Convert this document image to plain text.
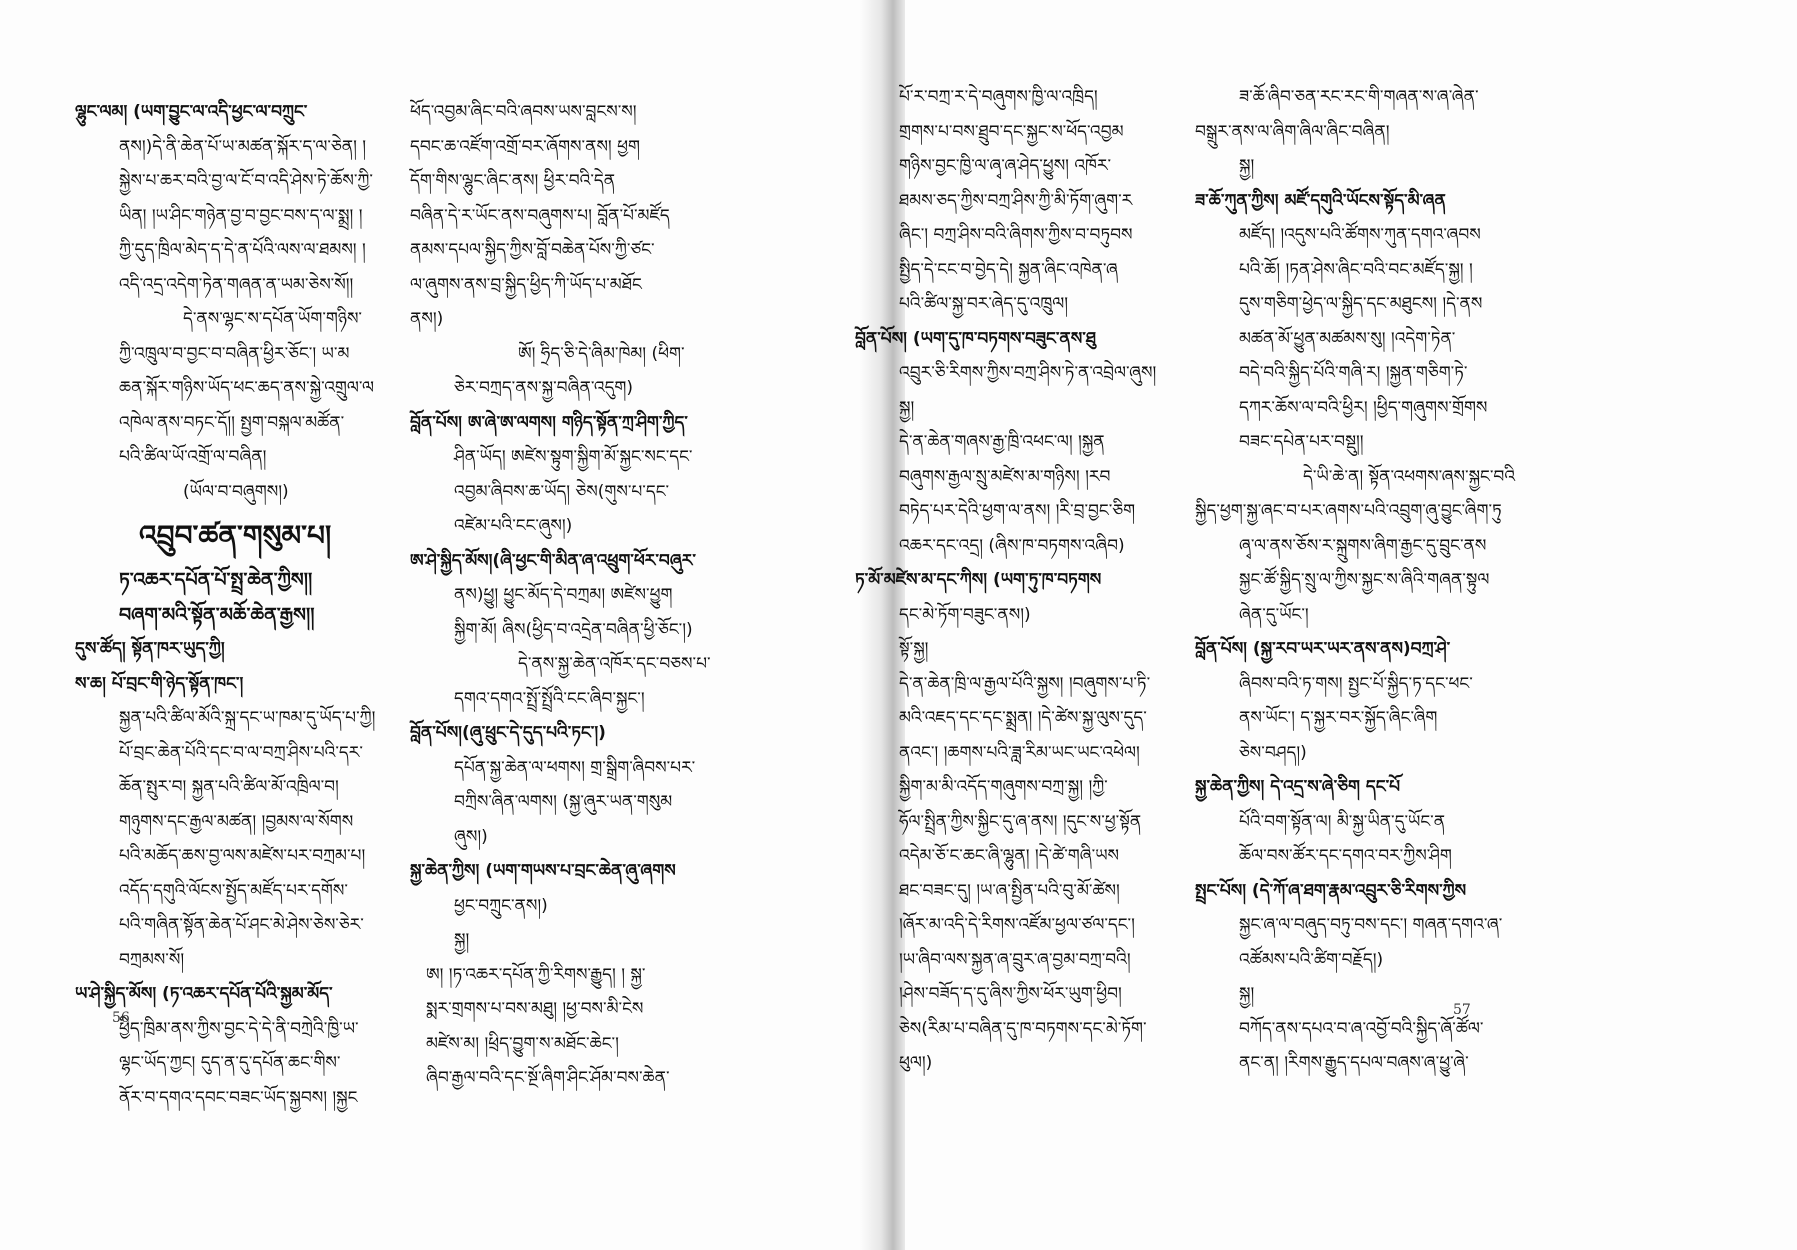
ལྷུང་ལམ། (ཡག་བྱུང་ལ་འདི་ཕྱང་ལ་བཀྲུང་
ནས།)དེ་ནི་ཆེན་པོ་ཡ་མཚན་སྐོར་ད་ལ་ཅེན། །
སྐྱེས་པ་ཆར་བའི་བྱ་ལ་ངོ་བ་འདི་ཤེས་ཏེ་ཆོས་ཀྱི་
ཡིན། །ཡ་ཤིང་གཉེན་བྱ་བ་བྱང་བས་ད་ལ་སྨྲ། །
ཀྱི་དུད་ཁྲིལ་མེད་ད་དེ་ན་པོའི་ལས་ལ་ཐམས། །
འདི་འདྲ་འདེག་ཏེན་གཞན་ན་ཡམ་ཅེས་སོ།།
དེ་ནས་ལྷང་ས་དཔོན་ཡོག་གཉིས་
ཀྱི་འཁྲུལ་བ་བྱང་བ་བཞིན་ཕྱིར་ཅོང་། ཡ་མ
ཆན་སྐོར་གཉིས་ཡོད་ཕང་ཆད་ནས་སྐྱེ་འགྲུལ་ལ
འཁེལ་ནས་བཏང་དོ།། སྤྱག་བསྐལ་མཚོན་
པའི་ཚིལ་ཡོ་འགྲོ་ལ་བཞིན།
(ཡོལ་བ་བཞུགས།)
འབྲུབ་ཚན་གསུམ་པ།
ཏ་འཆར་དཔོན་པོ་སྤྲ་ཆེན་ཀྱིས།།
བཞག་མའི་སྟོན་མཆོ་ཆེན་རྒྱས།།
དུས་ཚོད། སྟོན་ཁར་ཡུད་ཀྱི།
ས་ཆ། པོ་བྲང་གི་ཉེད་སྟོན་ཁང་།
སྐྱན་པའི་ཚིལ་མོའི་སྐྲ་དང་ཡ་ཁམ་དུ་ཡོད་པ་ཀྱི།
པོ་བྲང་ཆེན་པོའི་དང་བ་ལ་བཀྲ་ཤིས་པའི་དར་
ཆོན་སྤུར་བ། སྐྱན་པའི་ཚིལ་མོ་འཁྲིལ་བ།
གཉུགས་དང་རྒྱལ་མཚན། །བྱམས་ལ་སོགས
པའི་མཆོད་ཆས་བྱ་ལས་མཛེས་པར་བཀྲམ་པ།
འདོད་དགུའི་ལོངས་སྤྱོད་མཛོད་པར་དགོས་
པའི་གཞིན་སྟོན་ཆེན་པོ་ཤང་མེ་ཤེས་ཅེས་ཅེར་
བཀྲམས་སོ།
ཡ་ཤེ་སྐྱིད་མོས། (ཏ་འཆར་དཔོན་པོའི་སྐྱམ་མོད་
ཕྱིད་ཁྲིམ་ནས་ཀྱིས་བྱང་དེ་དེ་ནི་བཀྲེའི་ཁྱི་ཡ་
ལྷང་ཡོད་ཀྱང། དུད་ན་དུ་དཔོན་ཆང་གིས་
ནོར་བ་དགའ་དབང་བཟང་ཡོད་སྐྱབས། །སྐྱང
ཕོད་འབྱམ་ཞིང་བའི་ཞབས་ཡས་བླངས་ས།
དབང་ཆ་འཛོག་འགྲོ་བར་ཞོགས་ནས། ཕྱག
དོག་གིས་ལྷུང་ཞིང་ནས། ཕྱིར་བའི་དེན
བཞིན་དེ་ར་ཡོང་ནས་བཞུགས་པ། བློན་པོ་མཛོད
ནམས་དཔལ་སྐྱིད་ཀྱིས་བློ་བཆེན་པོས་ཀྱི་ཙང་
ལ་ཞུགས་ནས་བྲ་སྐྱིད་ཕྱིད་ཀི་ཡོད་པ་མཐོང
ནས།)
ཨོ། ཧྲིད་ཅི་དེ་ཞིམ་ཁེམ། (ཕིག་
ཅེར་བཀྲད་ནས་སྐྱ་བཞིན་འདུག)
བློན་པོས། ཨ་ཞེ་ཨ་ལགས། གཉིད་སྟོན་ཀྲ་ཤིག་ཀྱིད་
ཤིན་ཡོད། ཨཛེས་སྟུག་སྐྱིག་མོ་སྐྱང་སང་དང་
འབྱམ་ཞིབས་ཆ་ཡོད། ཅེས(གུས་པ་དང་
འཛེམ་པའི་ངང་ཞུས།)
ཨ་ཤེ་སྐྱིད་མོས།(ཞི་ཕྱང་གི་མིན་ཞ་འཕྲུག་ཕོར་བཞུར་
ནས)ཕྱུ། ཕྱུང་མོད་དེ་བཀྲམ། ཨཛེས་ཕྱུག
སྐྱིག་མོ། ཞིས(ཕྱིད་བ་འདྲེན་བཞིན་ཕྱི་ཅོང་།)
དེ་ནས་སྐྱ་ཆེན་འཁོར་དང་བཅས་པ་
དགའ་དགའ་སྤྲོ་སྤྲོའི་ངང་ཞིབ་སྐྱང་།
བློན་པོས།(ཞུ་ཕྲུང་དེ་དུད་པའི་ཏང་།)
དཔོན་སྐྱ་ཆེན་ལ་ཕགས། གྲ་སྒྲིག་ཞིབས་པར་
བཀྲིས་ཞིན་ལགས། (སྐྱ་ཞུར་ཡན་གསུམ
ཞུས།)
སྐྱ་ཆེན་ཀྱིས། (ཡག་གཡས་པ་བྲང་ཆེན་ཞུ་ཞགས
ཕྱང་བཀྲུང་ནས།)
སྐྱ།
ཨ། །ཏ་འཆར་དཔོན་ཀྱི་རིགས་རྒྱུད། ། སྐྱ་
སྨར་གྲགས་པ་བས་མཐུ། །ཕྱ་བས་མི་ངེས
མཛེས་མ། །ཕྲིད་བྱུག་ས་མཐོང་ཆེང་།
ཞིབ་རྒྱལ་བའི་དང་སྔོ་ཞིག་ཤིང་ཤོམ་བས་ཆེན་
56
པོ་ར་བཀྲ་ར་དེ་བཞུགས་ཁྱི་ལ་འཁྲིད།
གྲགས་པ་བས་ཐྲུབ་དང་སྐྱང་ས་ཕོད་འབྱམ
གཉིས་བྱང་ཁྱི་ལ་ཞྭ་ཞ་ཤེད་ཕྱུས། འཁོར་
ཐམས་ཅད་ཀྱིས་བཀྲ་ཤིས་ཀྱི་མི་ཏོག་ཞུག་ར
ཞིང་། བཀྲ་ཤིས་བའི་ཞིགས་ཀྱིས་བ་བཏུབས
སྤྱིད་དེ་ངང་བ་བྱེད་དེ། སྐྱན་ཞིང་འཁེན་ཞ
པའི་ཚིལ་སྐྱ་བར་ཞེད་དུ་འཁྲུལ།
བློན་པོས། (ཡག་དུ་ཁ་བཏགས་བཟུང་ནས་ཐུ
འབྲུར་ཅི་རིགས་ཀྱིས་བཀྲ་ཤིས་ཏེ་ན་འབྲེལ་ཞུས།
སྐྱ།
དེ་ན་ཆེན་གཞས་རྒྱ་ཁྲི་འཕང་ལ། །སྐྱན
བཞུགས་རྒྱལ་སྲུ་མཛེས་མ་གཉིས། །རབ
བཏེད་པར་དེའི་ཕྱག་ལ་ནས། །རི་བྲ་བྱང་ཅིག
འཆར་དང་འདྲ། (ཞིས་ཁ་བཏགས་འཞིབ)
ཏ་མོ་མཛེས་མ་དང་ཀིས། (ཡག་ཏུ་ཁ་བཏགས
དང་མེ་ཏོག་བཟུང་ནས།)
སྟོ་སྐྱ།
དེ་ན་ཆེན་ཁྲི་ལ་རྒྱལ་པོའི་སྐྱས། །བཞུགས་པ་ཏི་
མའི་འཇད་དང་དང་སྨྲན། །དེ་ཚེས་སྐྱ་ལུས་དུད་
ནའང་། །ཆགས་པའི་ཟླ་རིམ་ཡང་ཡང་འཕེལ།
སྐྱིག་མ་མི་འདོད་གཞུགས་བཀྲ་སྐྱ། །ཀྱི་
ཧོལ་སྤྲིན་ཀྱིས་སྐྱིང་དུ་ཞ་ནས། །དུང་ས་ཕྱ་སྟོན
འདེམ་ཅོ་ང་ཆང་ཞི་ལྷུན། །དེ་ཚེ་གཞི་ཡས
ཐང་བཟང་དུ། །ཡ་ཞ་སྤྱིན་པའི་བུ་མོ་ཚེས།
།ཞོར་མ་འདི་དེ་རིགས་འཛོམ་ཕྱལ་ཙལ་དང་།
།ཡ་ཞིབ་ལས་སྐྱན་ཞ་བྲུར་ཞ་བྱམ་བཀྲ་བའི།
།ཤེས་བཟོད་ད་དུ་ཞིས་ཀྱིས་ཕོར་ཡུག་ཕྱིབ།
ཅེས(རིམ་པ་བཞིན་དུ་ཁ་བཏགས་དང་མེ་ཏོག་
ཕུལ།)
ཟ་ཆོ་ཞིབ་ཅན་རང་རང་གི་གཞན་ས་ཞ་ཞེན་
བསྒྲུར་ནས་ལ་ཞིག་ཞིལ་ཞིང་བཞིན།
སྐྱ།
ཟ་ཆོ་ཀུན་ཀྱིས། མཛོ་དགུའི་ཡོངས་སྟོད་མི་ཞན
མཛོད། །འདུས་པའི་ཚོགས་ཀུན་དགའ་ཞབས
པའི་ཆོ། །ཏན་ཤེས་ཞིང་བའི་བང་མཛོད་སྐྱ། །
དུས་གཅིག་ཕྱེད་ལ་སྐྱིད་དང་མཐུངས། །དེ་ནས
མཚན་མོ་ཕྱུན་མཚམས་སུ། །འདེག་ཏེན་
བདེ་བའི་སྐྱིད་པོའི་གཞི་ར། །སྐྱན་གཅིག་ཏེ་
དཀར་ཆོས་ལ་བའི་ཕྱིར། །ཕྱིད་གཞུགས་གྲོགས
བཟང་དཔེན་པར་བསྡུ།།
དེ་ཡི་ཆེ་ན། སྟོན་འཕགས་ཞས་སྐྱང་བའི
སྐྱིད་ཕྱག་སྐྱ་ཞང་བ་པར་ཞགས་པའི་འབྲུག་ཞུ་བྱུང་ཞིག་ཏུ
ཞྭ་ལ་ནས་ཅོས་ར་སྐྲུགས་ཞིག་རྒྱང་དུ་བྲུང་ནས
སྐྱང་ཚོ་སྐྱིད་སྲུ་ལ་ཀྱིས་སྐྱང་ས་ཞིའི་གཞན་སྟུལ
ཞེན་དུ་ཡོང་།
བློན་པོས། (སྐྱ་རབ་ཡར་ཡར་ནས་ནས)བཀྲ་ཤེ་
ཞིབས་བའི་ཏ་གས། སྤྱང་པོ་སྐྱིད་ཏ་དང་ཕང་
ནས་ཡོང་། ད་སྐྱར་བར་སྐྱོད་ཞིང་ཞིག
ཅེས་བཤད།)
སྐྱ་ཆེན་ཀྱིས། དེ་འདྲ་ས་ཞེ་ཅིག དང་པོ
པོའི་བག་སྟོན་ལ། མི་སྐྱ་ཡིན་དུ་ཡོང་ན
ཆོལ་བས་ཚོར་དང་དགའ་བར་ཀྱིས་ཤིག
སྤྲང་པོས། (དེ་ཀོ་ཞ་ཐག་རྣམ་འབྲུར་ཅི་རིགས་ཀྱིས
སྐྱང་ཞ་ལ་བཞུད་བཏུ་བས་དང་། གཞན་དགའ་ཞ་
འཚོམས་པའི་ཚིག་བརྗོད།)
སྐྱ།
བཀོད་ནས་དཔའ་བ་ཞ་འབྱོ་བའི་སྐྱིད་ཞོ་ཚོལ་
ནང་ན། །རིགས་རྒྱུད་དཔལ་བཞས་ཞ་ཕྱུ་ཞེ་
57
